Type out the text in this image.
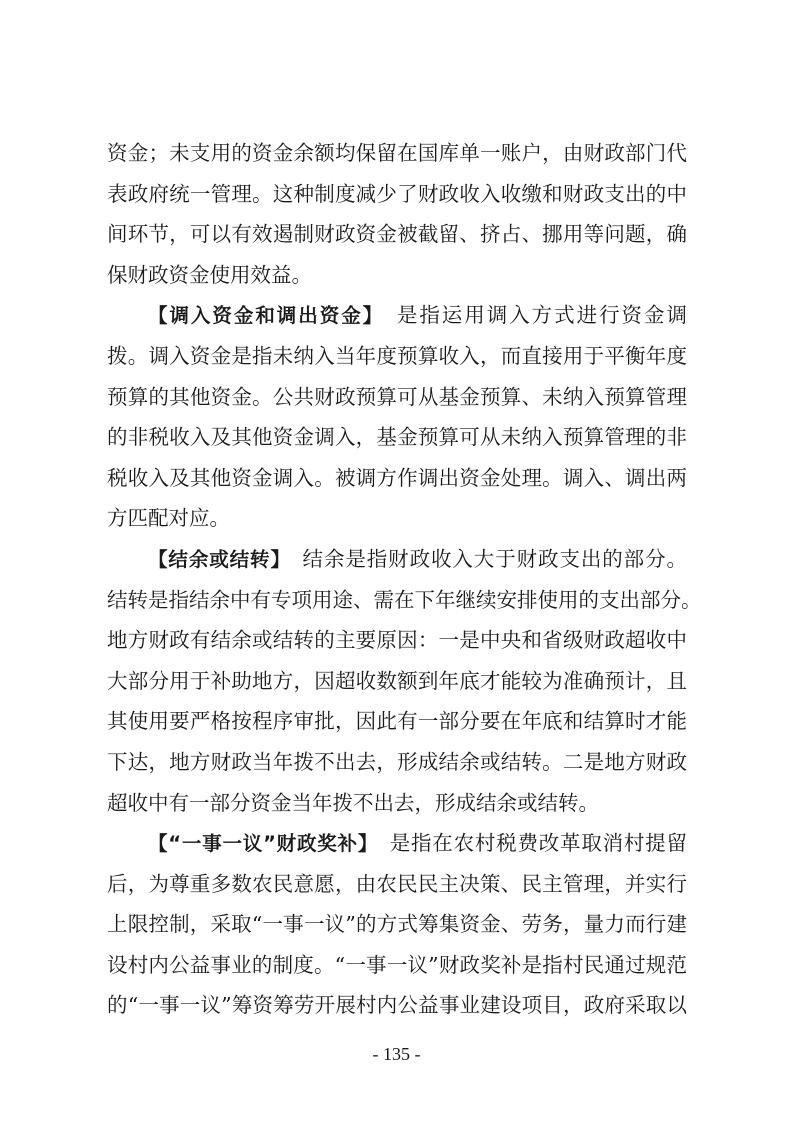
资金；未支用的资金余额均保留在国库单一账户，由财政部门代
表政府统一管理。这种制度减少了财政收入收缴和财政支出的中
间环节，可以有效遏制财政资金被截留、挤占、挪用等问题，确
保财政资金使用效益。
【调入资金和调出资金】　是指运用调入方式进行资金调
拨。调入资金是指未纳入当年度预算收入，而直接用于平衡年度
预算的其他资金。公共财政预算可从基金预算、未纳入预算管理
的非税收入及其他资金调入，基金预算可从未纳入预算管理的非
税收入及其他资金调入。被调方作调出资金处理。调入、调出两
方匹配对应。
【结余或结转】　结余是指财政收入大于财政支出的部分。
结转是指结余中有专项用途、需在下年继续安排使用的支出部分。
地方财政有结余或结转的主要原因：一是中央和省级财政超收中
大部分用于补助地方，因超收数额到年底才能较为准确预计，且
其使用要严格按程序审批，因此有一部分要在年底和结算时才能
下达，地方财政当年拨不出去，形成结余或结转。二是地方财政
超收中有一部分资金当年拨不出去，形成结余或结转。
【“一事一议”财政奖补】　是指在农村税费改革取消村提留
后，为尊重多数农民意愿，由农民民主决策、民主管理，并实行
上限控制，采取“一事一议”的方式筹集资金、劳务，量力而行建
设村内公益事业的制度。“一事一议”财政奖补是指村民通过规范
的“一事一议”筹资筹劳开展村内公益事业建设项目，政府采取以
- 135 -
